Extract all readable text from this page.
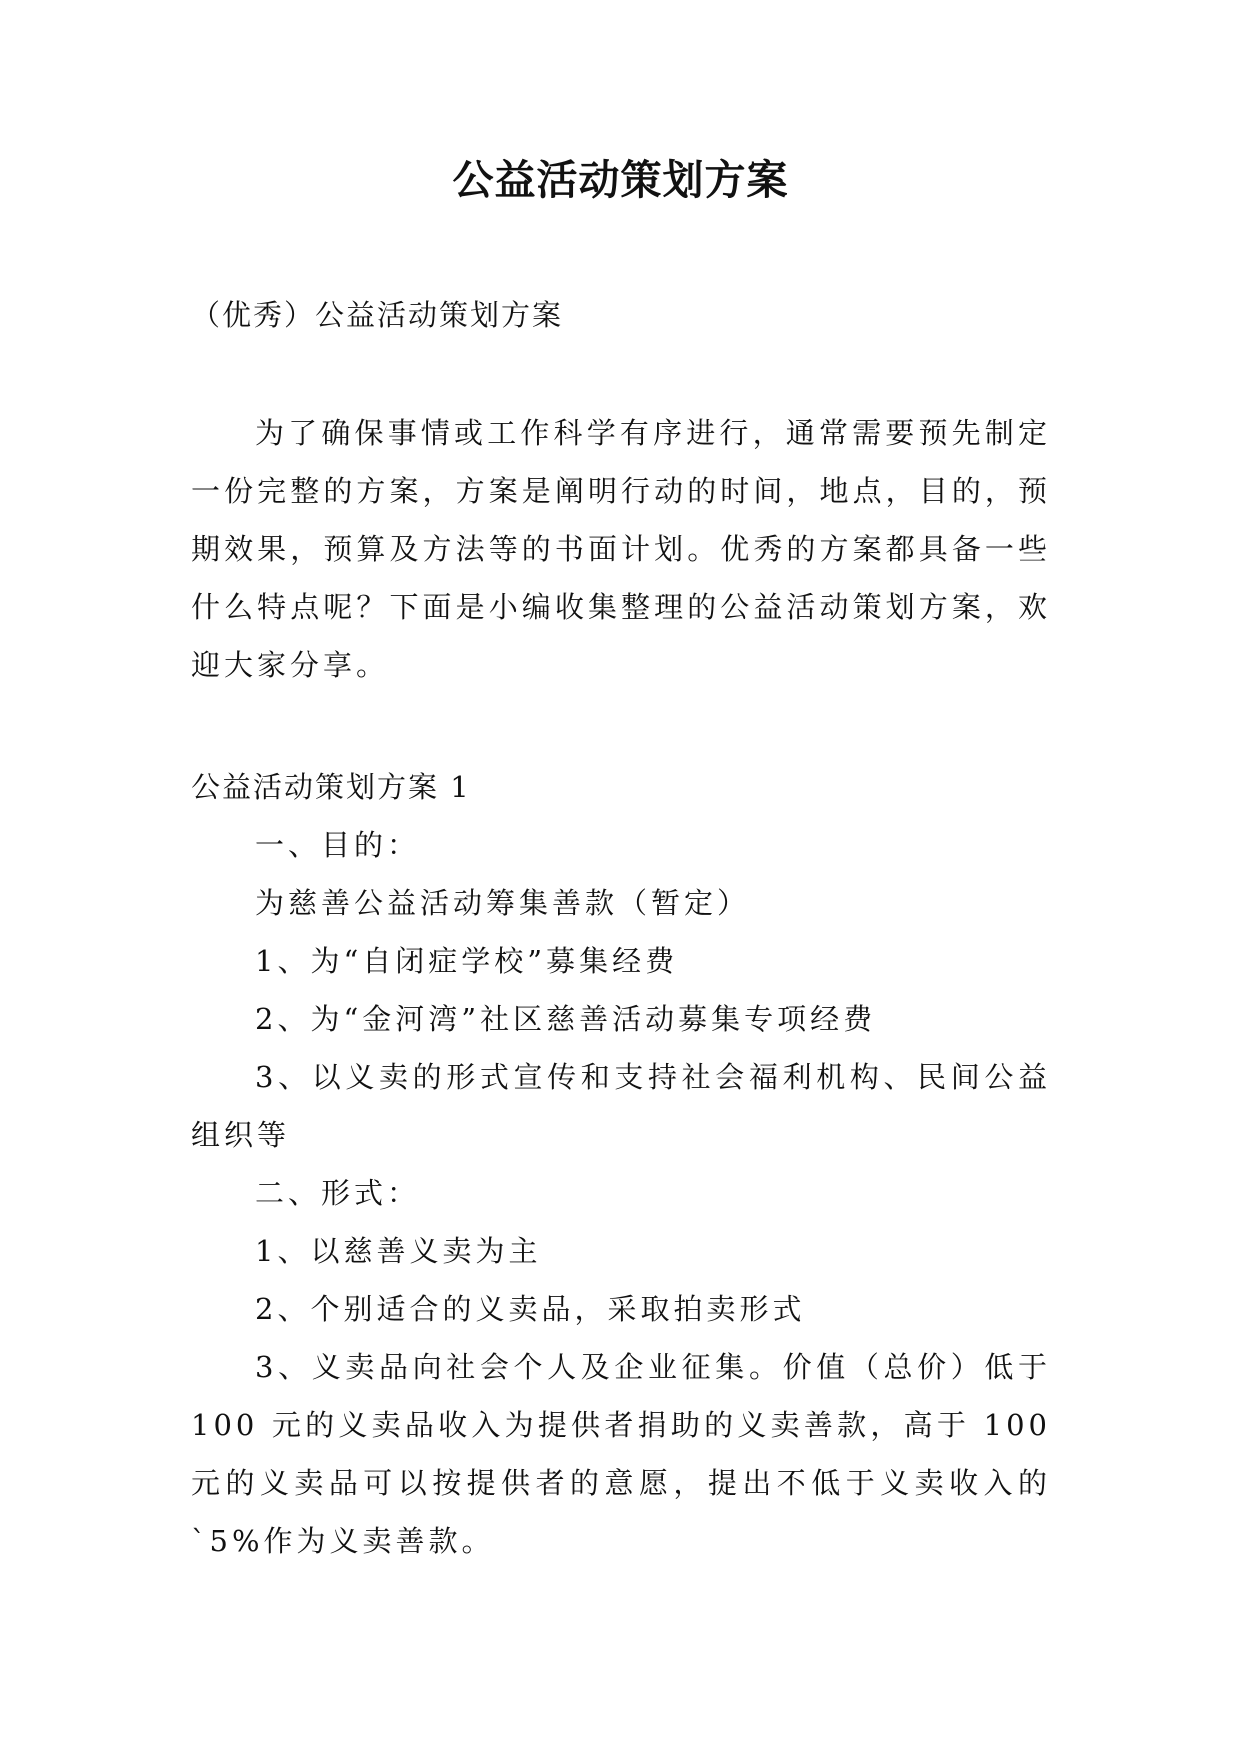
公益活动策划方案
（优秀）公益活动策划方案

为了确保事情或工作科学有序进行，通常需要预先制定一份完整的方案，方案是阐明行动的时间，地点，目的，预期效果，预算及方法等的书面计划。优秀的方案都具备一些什么特点呢？下面是小编收集整理的公益活动策划方案，欢迎大家分享。

公益活动策划方案 1

一、目的：

为慈善公益活动筹集善款（暂定）

1、为“自闭症学校”募集经费

2、为“金河湾”社区慈善活动募集专项经费

3、以义卖的形式宣传和支持社会福利机构、民间公益组织等

二、形式：

1、以慈善义卖为主

2、个别适合的义卖品，采取拍卖形式

3、义卖品向社会个人及企业征集。价值（总价）低于 100 元的义卖品收入为提供者捐助的义卖善款，高于 100 元的义卖品可以按提供者的意愿，提出不低于义卖收入的`5%作为义卖善款。
